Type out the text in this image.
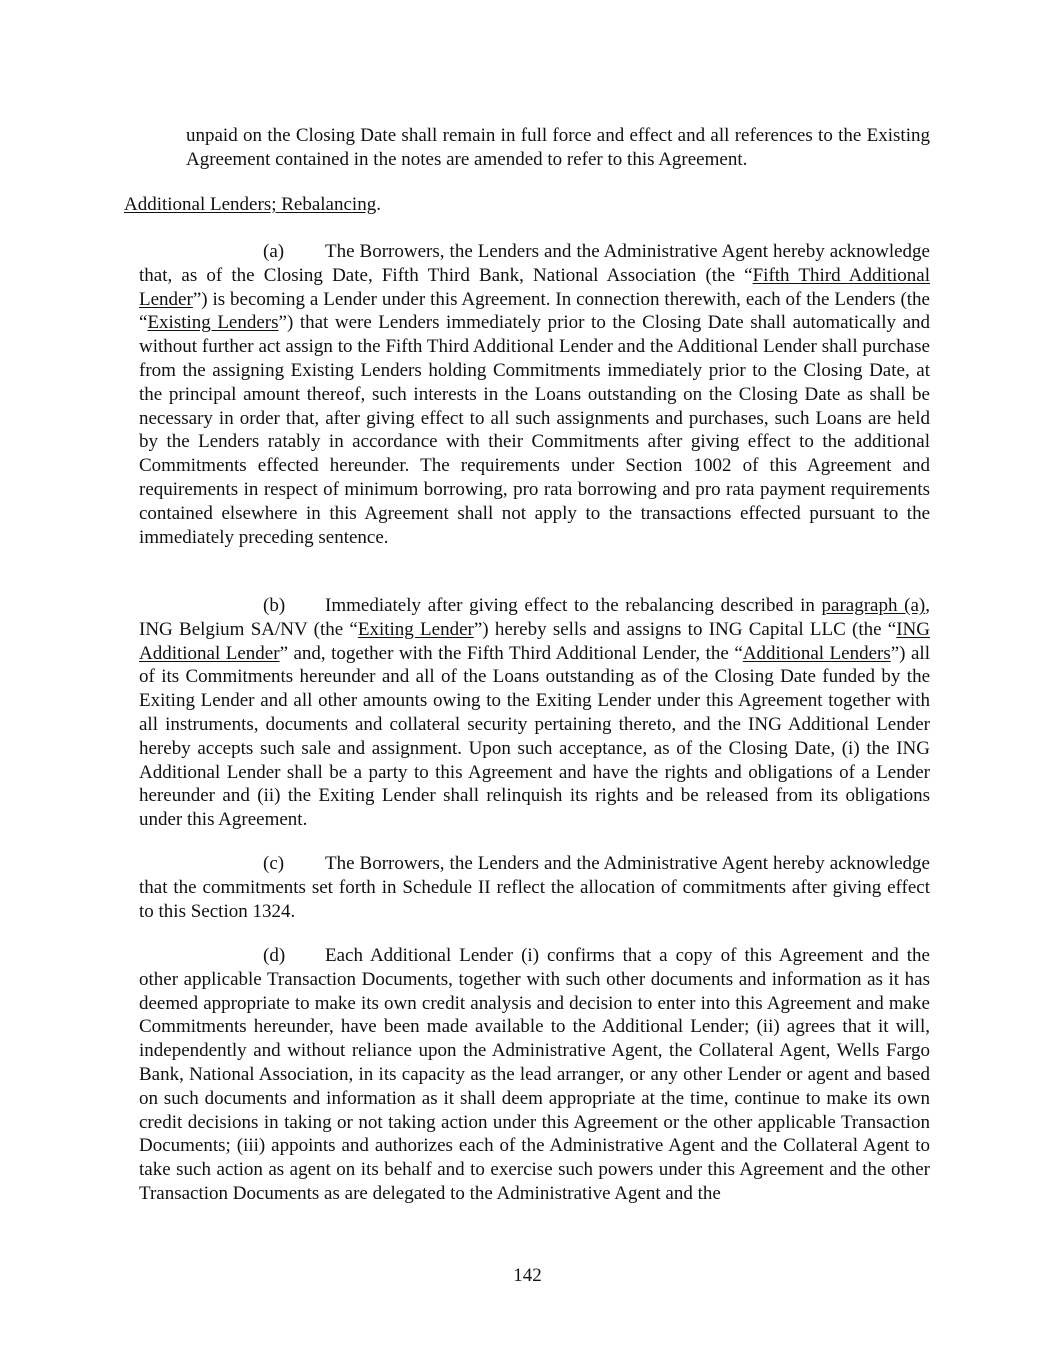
unpaid on the Closing Date shall remain in full force and effect and all references to the Existing Agreement contained in the notes are amended to refer to this Agreement.
Additional Lenders; Rebalancing.
(a) The Borrowers, the Lenders and the Administrative Agent hereby acknowledge that, as of the Closing Date, Fifth Third Bank, National Association (the “Fifth Third Additional Lender”) is becoming a Lender under this Agreement. In connection therewith, each of the Lenders (the “Existing Lenders”) that were Lenders immediately prior to the Closing Date shall automatically and without further act assign to the Fifth Third Additional Lender and the Additional Lender shall purchase from the assigning Existing Lenders holding Commitments immediately prior to the Closing Date, at the principal amount thereof, such interests in the Loans outstanding on the Closing Date as shall be necessary in order that, after giving effect to all such assignments and purchases, such Loans are held by the Lenders ratably in accordance with their Commitments after giving effect to the additional Commitments effected hereunder. The requirements under Section 1002 of this Agreement and requirements in respect of minimum borrowing, pro rata borrowing and pro rata payment requirements contained elsewhere in this Agreement shall not apply to the transactions effected pursuant to the immediately preceding sentence.
(b) Immediately after giving effect to the rebalancing described in paragraph (a), ING Belgium SA/NV (the “Exiting Lender”) hereby sells and assigns to ING Capital LLC (the “ING Additional Lender” and, together with the Fifth Third Additional Lender, the “Additional Lenders”) all of its Commitments hereunder and all of the Loans outstanding as of the Closing Date funded by the Exiting Lender and all other amounts owing to the Exiting Lender under this Agreement together with all instruments, documents and collateral security pertaining thereto, and the ING Additional Lender hereby accepts such sale and assignment. Upon such acceptance, as of the Closing Date, (i) the ING Additional Lender shall be a party to this Agreement and have the rights and obligations of a Lender hereunder and (ii) the Exiting Lender shall relinquish its rights and be released from its obligations under this Agreement.
(c) The Borrowers, the Lenders and the Administrative Agent hereby acknowledge that the commitments set forth in Schedule II reflect the allocation of commitments after giving effect to this Section 1324.
(d) Each Additional Lender (i) confirms that a copy of this Agreement and the other applicable Transaction Documents, together with such other documents and information as it has deemed appropriate to make its own credit analysis and decision to enter into this Agreement and make Commitments hereunder, have been made available to the Additional Lender; (ii) agrees that it will, independently and without reliance upon the Administrative Agent, the Collateral Agent, Wells Fargo Bank, National Association, in its capacity as the lead arranger, or any other Lender or agent and based on such documents and information as it shall deem appropriate at the time, continue to make its own credit decisions in taking or not taking action under this Agreement or the other applicable Transaction Documents; (iii) appoints and authorizes each of the Administrative Agent and the Collateral Agent to take such action as agent on its behalf and to exercise such powers under this Agreement and the other Transaction Documents as are delegated to the Administrative Agent and the
142
